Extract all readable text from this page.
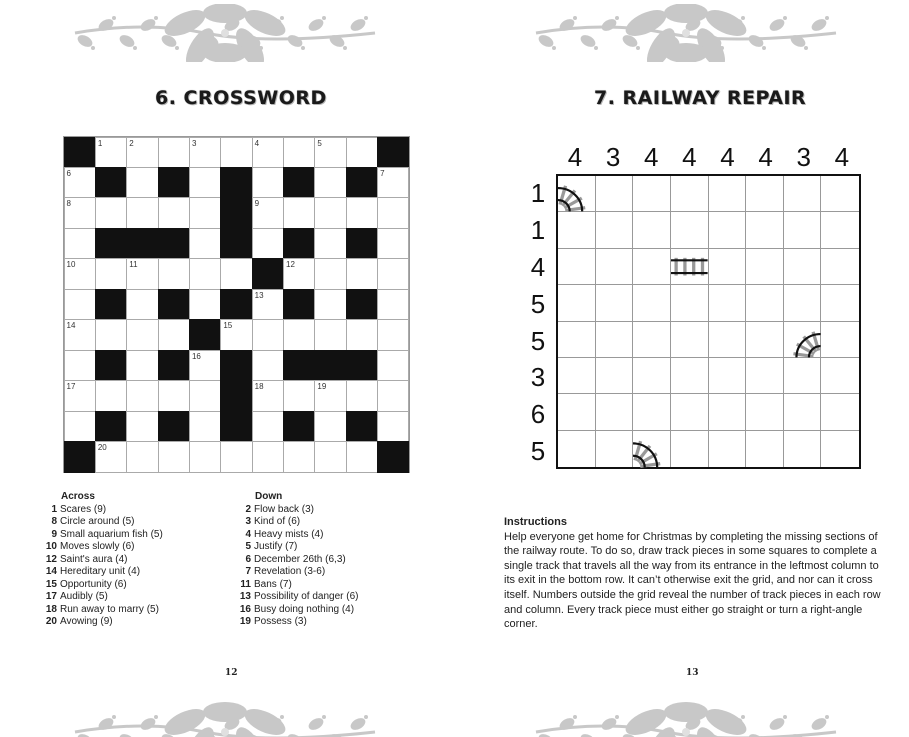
6. CROSSWORD
1	2	3	4	5
6	7
8	9
10	11	12
13
14	15
16
17	18	19
20
Across
1 Scares (9)
8 Circle around (5)
9 Small aquarium fish (5)
10 Moves slowly (6)
12 Saint's aura (4)
14 Hereditary unit (4)
15 Opportunity (6)
17 Audibly (5)
18 Run away to marry (5)
20 Avowing (9)
Down
2 Flow back (3)
3 Kind of (6)
4 Heavy mists (4)
5 Justify (7)
6 December 26th (6,3)
7 Revelation (3-6)
11 Bans (7)
13 Possibility of danger (6)
16 Busy doing nothing (4)
19 Possess (3)
12
7. RAILWAY REPAIR
13
4 3 4 4 4 4 3 4
1
1
4
5
5
3
6
5
Instructions
Help everyone get home for Christmas by completing the missing sections of the railway route. To do so, draw track pieces in some squares to complete a single track that travels all the way from its entrance in the leftmost column to its exit in the bottom row. It can’t otherwise exit the grid, and nor can it cross itself. Numbers outside the grid reveal the number of track pieces in each row and column. Every track piece must either go straight or turn a right-angle corner.
